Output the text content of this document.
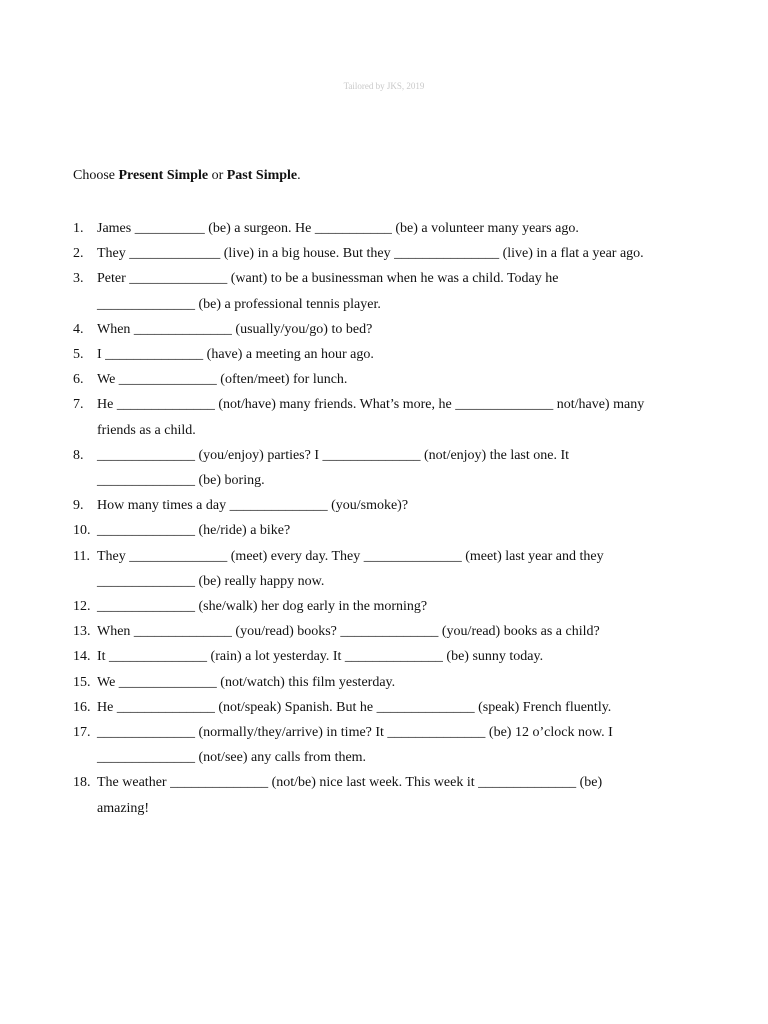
Tailored by JKS, 2019
Choose Present Simple or Past Simple.
1. James __________ (be) a surgeon. He ___________ (be) a volunteer many years ago.
2. They _____________ (live) in a big house. But they _______________ (live) in a flat a year ago.
3. Peter ______________ (want) to be a businessman when he was a child. Today he
______________ (be) a professional tennis player.
4. When ______________ (usually/you/go) to bed?
5. I ______________ (have) a meeting an hour ago.
6. We ______________ (often/meet) for lunch.
7. He ______________ (not/have) many friends. What’s more, he ______________ not/have) many
friends as a child.
8. ______________ (you/enjoy) parties? I ______________ (not/enjoy) the last one. It
______________ (be) boring.
9. How many times a day ______________ (you/smoke)?
10. ______________ (he/ride) a bike?
11. They ______________ (meet) every day. They ______________ (meet) last year and they
______________ (be) really happy now.
12. ______________ (she/walk) her dog early in the morning?
13. When ______________ (you/read) books? ______________ (you/read) books as a child?
14. It ______________ (rain) a lot yesterday. It ______________ (be) sunny today.
15. We ______________ (not/watch) this film yesterday.
16. He ______________ (not/speak) Spanish. But he ______________ (speak) French fluently.
17. ______________ (normally/they/arrive) in time? It ______________ (be) 12 o’clock now. I
______________ (not/see) any calls from them.
18. The weather ______________ (not/be) nice last week. This week it ______________ (be)
amazing!
